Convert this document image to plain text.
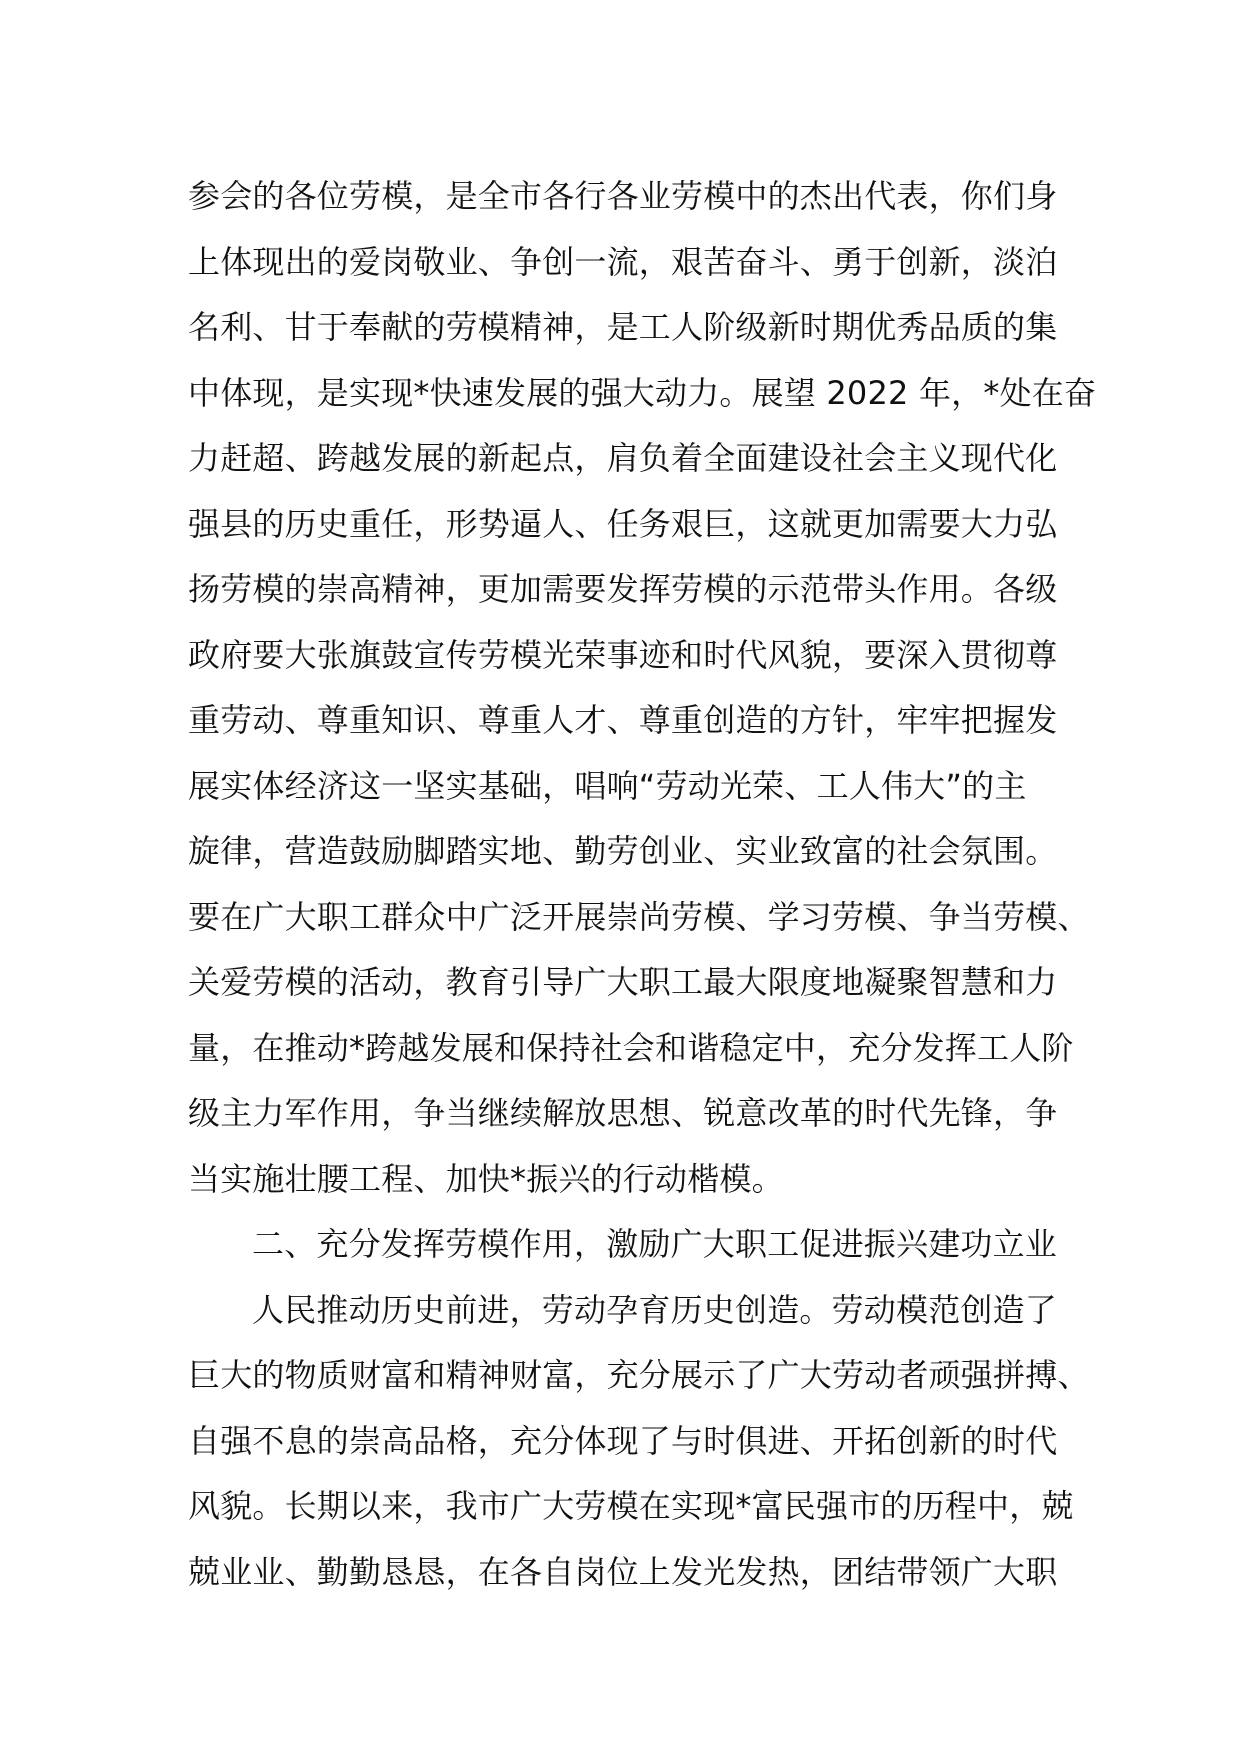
参会的各位劳模，是全市各行各业劳模中的杰出代表，你们身
上体现出的爱岗敬业、争创一流，艰苦奋斗、勇于创新，淡泊
名利、甘于奉献的劳模精神，是工人阶级新时期优秀品质的集
中体现，是实现*快速发展的强大动力。展望 2022 年，*处在奋
力赶超、跨越发展的新起点，肩负着全面建设社会主义现代化
强县的历史重任，形势逼人、任务艰巨，这就更加需要大力弘
扬劳模的崇高精神，更加需要发挥劳模的示范带头作用。各级
政府要大张旗鼓宣传劳模光荣事迹和时代风貌，要深入贯彻尊
重劳动、尊重知识、尊重人才、尊重创造的方针，牢牢把握发
展实体经济这一坚实基础，唱响“劳动光荣、工人伟大”的主
旋律，营造鼓励脚踏实地、勤劳创业、实业致富的社会氛围。
要在广大职工群众中广泛开展崇尚劳模、学习劳模、争当劳模、
关爱劳模的活动，教育引导广大职工最大限度地凝聚智慧和力
量，在推动*跨越发展和保持社会和谐稳定中，充分发挥工人阶
级主力军作用，争当继续解放思想、锐意改革的时代先锋，争
当实施壮腰工程、加快*振兴的行动楷模。
二、充分发挥劳模作用，激励广大职工促进振兴建功立业
人民推动历史前进，劳动孕育历史创造。劳动模范创造了
巨大的物质财富和精神财富，充分展示了广大劳动者顽强拼搏、
自强不息的崇高品格，充分体现了与时俱进、开拓创新的时代
风貌。长期以来，我市广大劳模在实现*富民强市的历程中，兢
兢业业、勤勤恳恳，在各自岗位上发光发热，团结带领广大职
